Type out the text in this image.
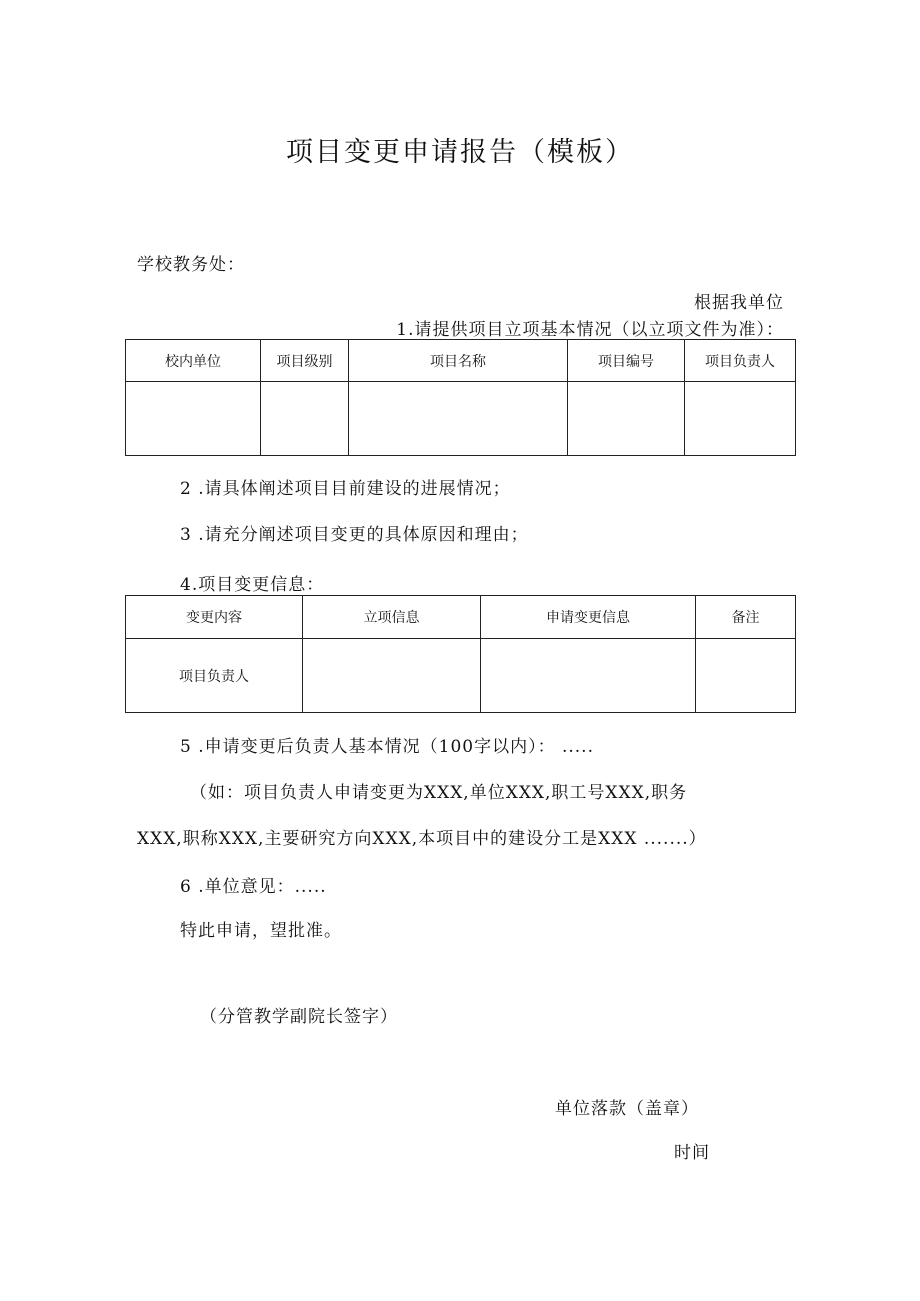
项目变更申请报告（模板）
学校教务处：
根据我单位
1.请提供项目立项基本情况（以立项文件为准）：
校内单位	项目级别	项目名称	项目编号	项目负责人

2 .请具体阐述项目目前建设的进展情况；
3 .请充分阐述项目变更的具体原因和理由；
4.项目变更信息：
变更内容	立项信息	申请变更信息	备注
项目负责人			
5 .申请变更后负责人基本情况（100字以内）： .....
（如：项目负责人申请变更为XXX,单位XXX,职工号XXX,职务
XXX,职称XXX,主要研究方向XXX,本项目中的建设分工是XXX .......）
6 .单位意见：.....
特此申请，望批准。
（分管教学副院长签字）
单位落款（盖章）
时间
